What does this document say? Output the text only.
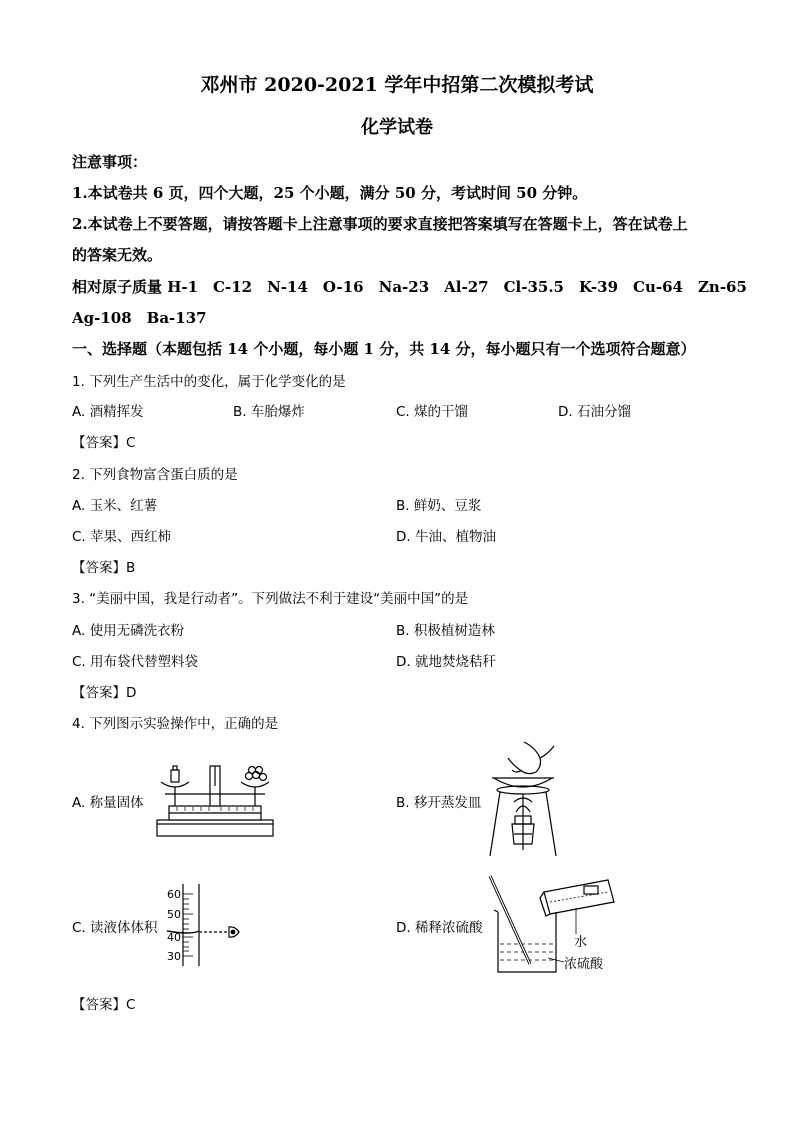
邓州市 2020-2021 学年中招第二次模拟考试
化学试卷
注意事项：
1.本试卷共 6 页，四个大题，25 个小题，满分 50 分，考试时间 50 分钟。
2.本试卷上不要答题，请按答题卡上注意事项的要求直接把答案填写在答题卡上，答在试卷上
的答案无效。
相对原子质量 H-1　C-12　N-14　O-16　Na-23　Al-27　Cl-35.5　K-39　Cu-64　Zn-65
Ag-108　Ba-137
一、选择题（本题包括 14 个小题，每小题 1 分，共 14 分，每小题只有一个选项符合题意）
1. 下列生产生活中的变化，属于化学变化的是
A. 酒精挥发	B. 车胎爆炸	C. 煤的干馏	D. 石油分馏
【答案】C
2. 下列食物富含蛋白质的是
A. 玉米、红薯	B. 鲜奶、豆浆
C. 苹果、西红柿	D. 牛油、植物油
【答案】B
3. “美丽中国，我是行动者”。下列做法不利于建设“美丽中国”的是
A. 使用无磷洗衣粉	B. 积极植树造林
C. 用布袋代替塑料袋	D. 就地焚烧秸秆
【答案】D
4. 下列图示实验操作中，正确的是
A. 称量固体	B. 移开蒸发皿
C. 读液体体积	D. 稀释浓硫酸
【答案】C
60
50
40
30
水
浓硫酸
